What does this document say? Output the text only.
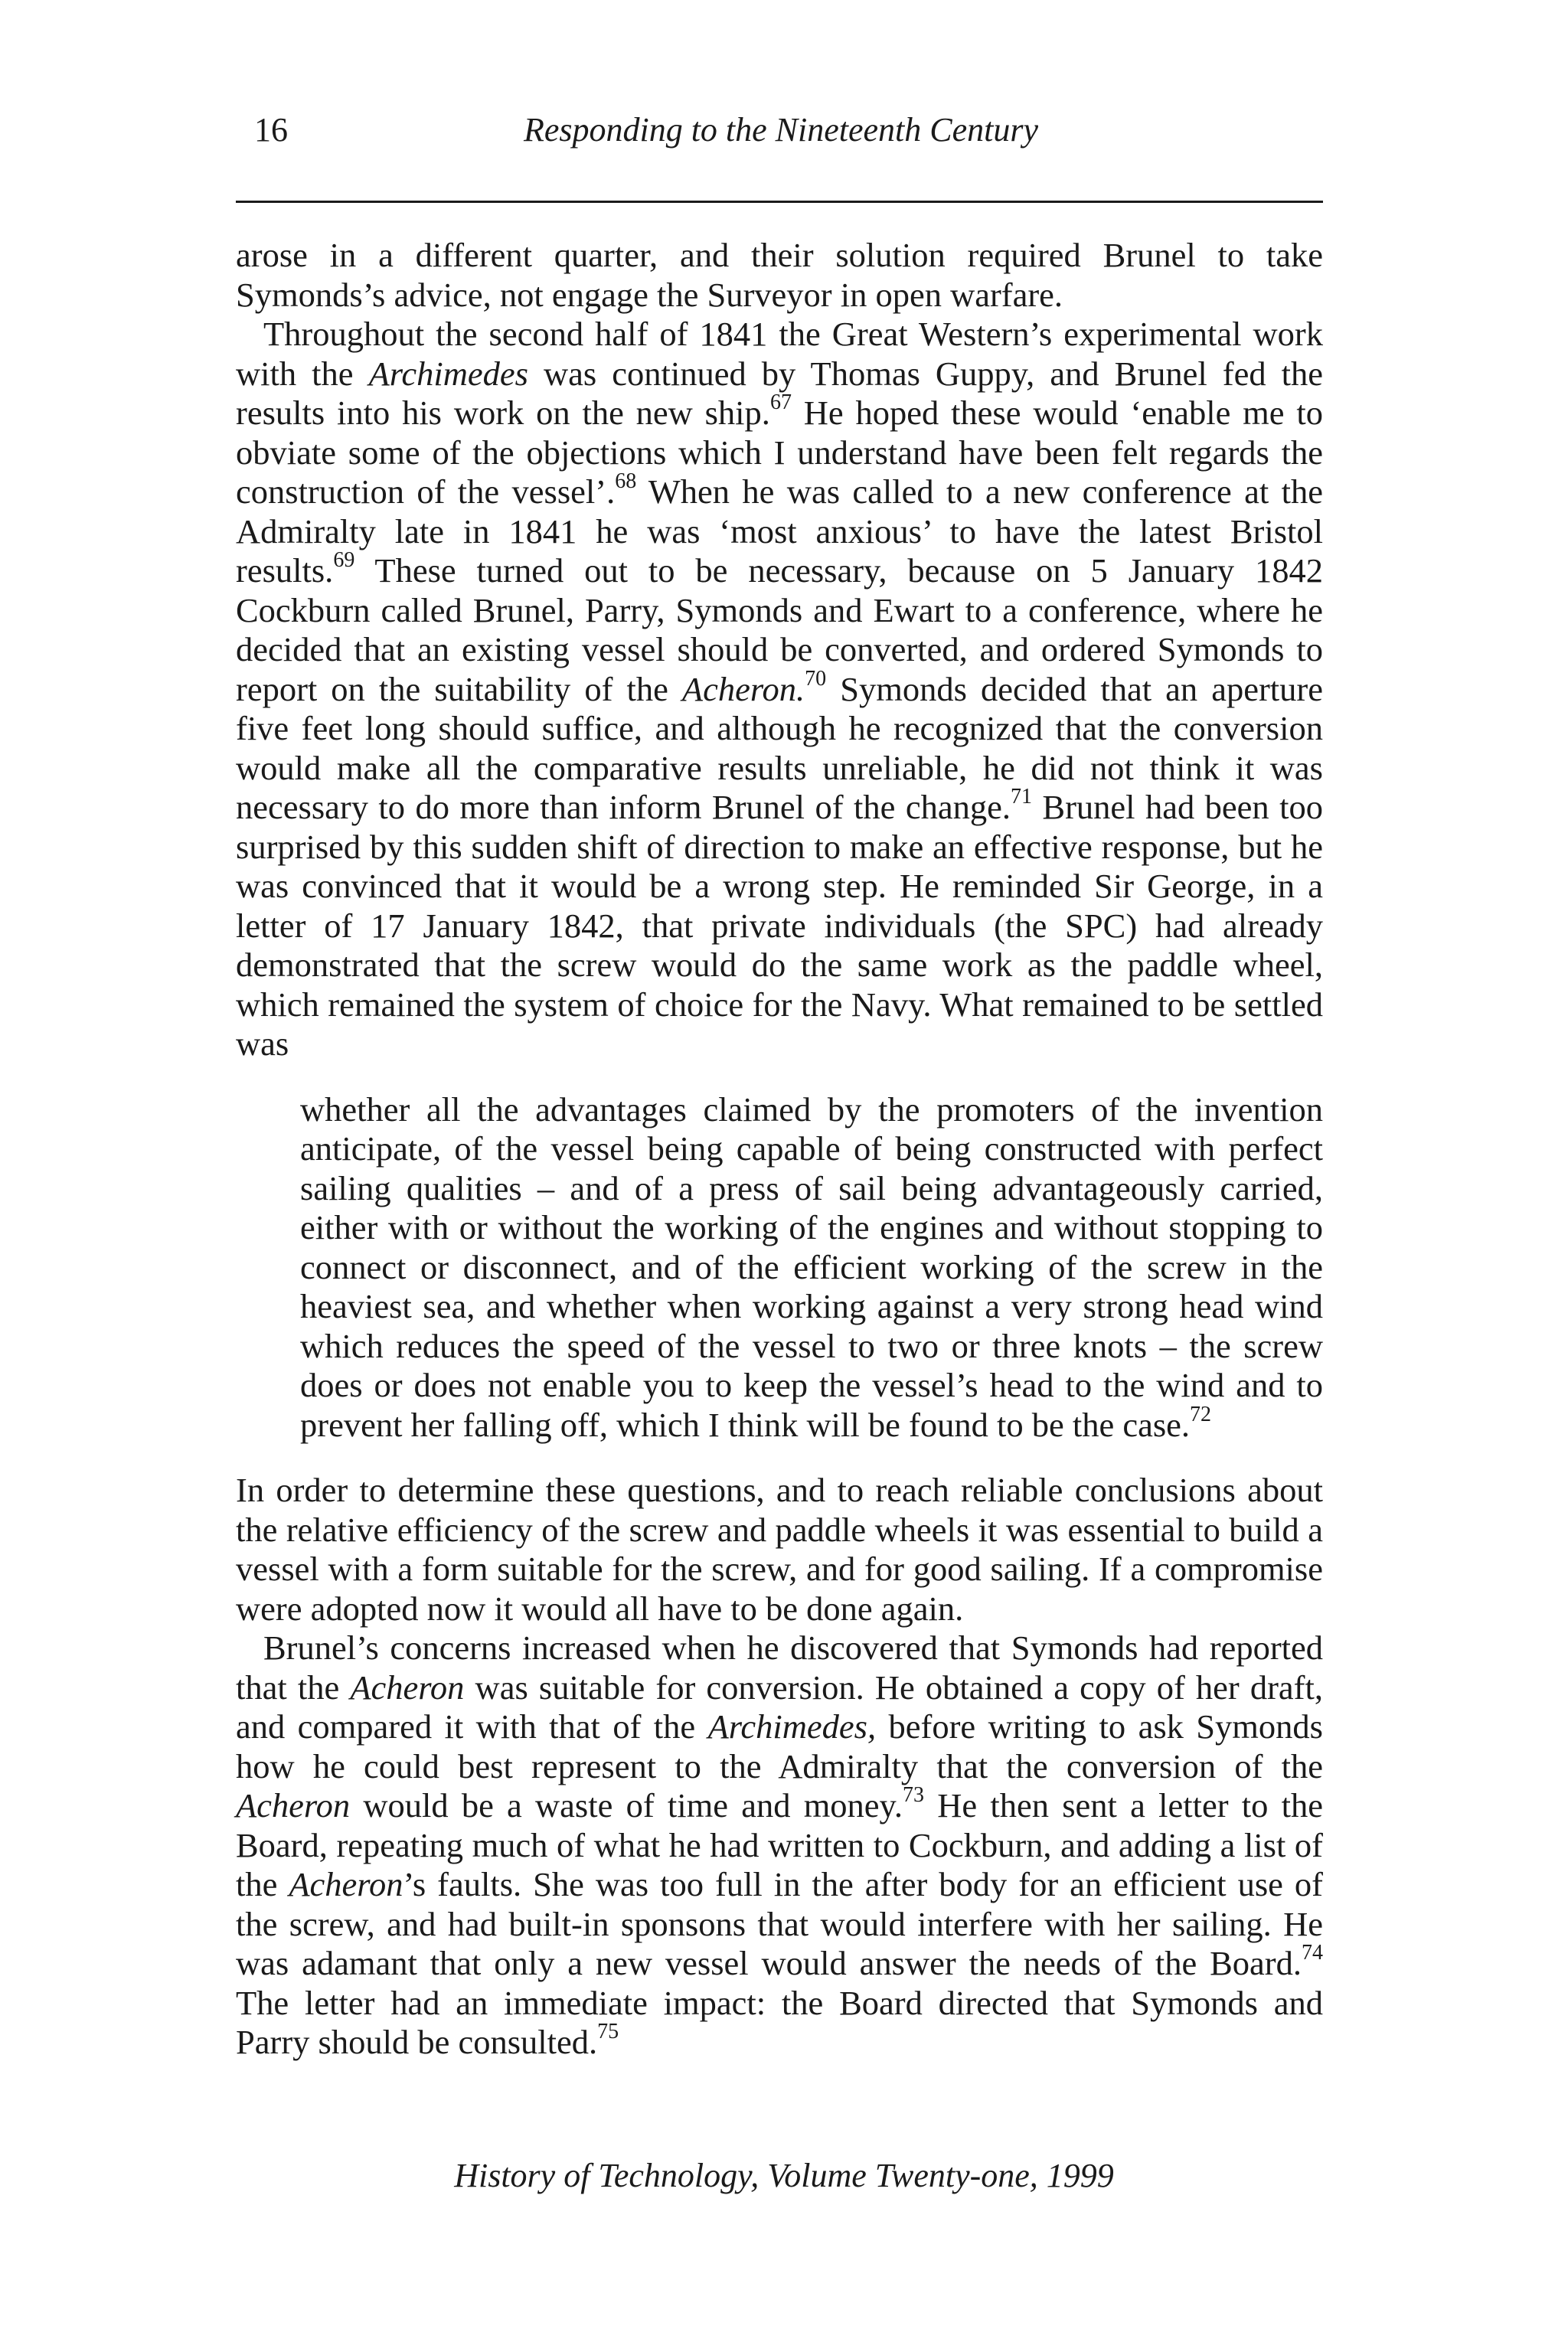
16	Responding to the Nineteenth Century

arose in a different quarter, and their solution required Brunel to take Symonds’s advice, not engage the Surveyor in open warfare.

Throughout the second half of 1841 the Great Western’s experimental work with the Archimedes was continued by Thomas Guppy, and Brunel fed the results into his work on the new ship.$^{67}$ He hoped these would ‘enable me to obviate some of the objections which I understand have been felt regards the construction of the vessel’.$^{68}$ When he was called to a new conference at the Admiralty late in 1841 he was ‘most anxious’ to have the latest Bristol results.$^{69}$ These turned out to be necessary, because on 5 January 1842 Cockburn called Brunel, Parry, Symonds and Ewart to a conference, where he decided that an existing vessel should be converted, and ordered Symonds to report on the suitability of the Acheron.$^{70}$ Symonds decided that an aperture five feet long should suffice, and although he recognized that the conversion would make all the comparative results unreliable, he did not think it was necessary to do more than inform Brunel of the change.$^{71}$ Brunel had been too surprised by this sudden shift of direction to make an effective response, but he was convinced that it would be a wrong step. He reminded Sir George, in a letter of 17 January 1842, that private individuals (the SPC) had already demonstrated that the screw would do the same work as the paddle wheel, which remained the system of choice for the Navy. What remained to be settled was

whether all the advantages claimed by the promoters of the invention anticipate, of the vessel being capable of being constructed with perfect sailing qualities – and of a press of sail being advantageously carried, either with or without the working of the engines and without stopping to connect or disconnect, and of the efficient working of the screw in the heaviest sea, and whether when working against a very strong head wind which reduces the speed of the vessel to two or three knots – the screw does or does not enable you to keep the vessel’s head to the wind and to prevent her falling off, which I think will be found to be the case.$^{72}$

In order to determine these questions, and to reach reliable conclusions about the relative efficiency of the screw and paddle wheels it was essential to build a vessel with a form suitable for the screw, and for good sailing. If a compromise were adopted now it would all have to be done again.

Brunel’s concerns increased when he discovered that Symonds had reported that the Acheron was suitable for conversion. He obtained a copy of her draft, and compared it with that of the Archimedes, before writing to ask Symonds how he could best represent to the Admiralty that the conversion of the Acheron would be a waste of time and money.$^{73}$ He then sent a letter to the Board, repeating much of what he had written to Cockburn, and adding a list of the Acheron’s faults. She was too full in the after body for an efficient use of the screw, and had built-in sponsons that would interfere with her sailing. He was adamant that only a new vessel would answer the needs of the Board.$^{74}$ The letter had an immediate impact: the Board directed that Symonds and Parry should be consulted.$^{75}$

History of Technology, Volume Twenty-one, 1999
